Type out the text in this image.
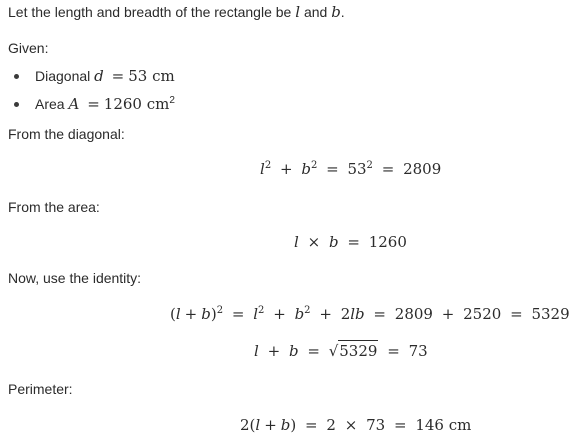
Let the length and breadth of the rectangle be l and b.
Given:
Diagonal d = 53 cm
Area A = 1260 $cm^2$
From the diagonal:
$l^2 + b^2 = 53^2 = 2809$
From the area:
l × b = 1260
Now, use the identity:
$(l + b)^2 = l^2 + b^2 + 2lb = 2809 + 2520 = 5329$
l + b = √5329 = 73
Perimeter:
2(l + b) = 2 × 73 = 146 cm
